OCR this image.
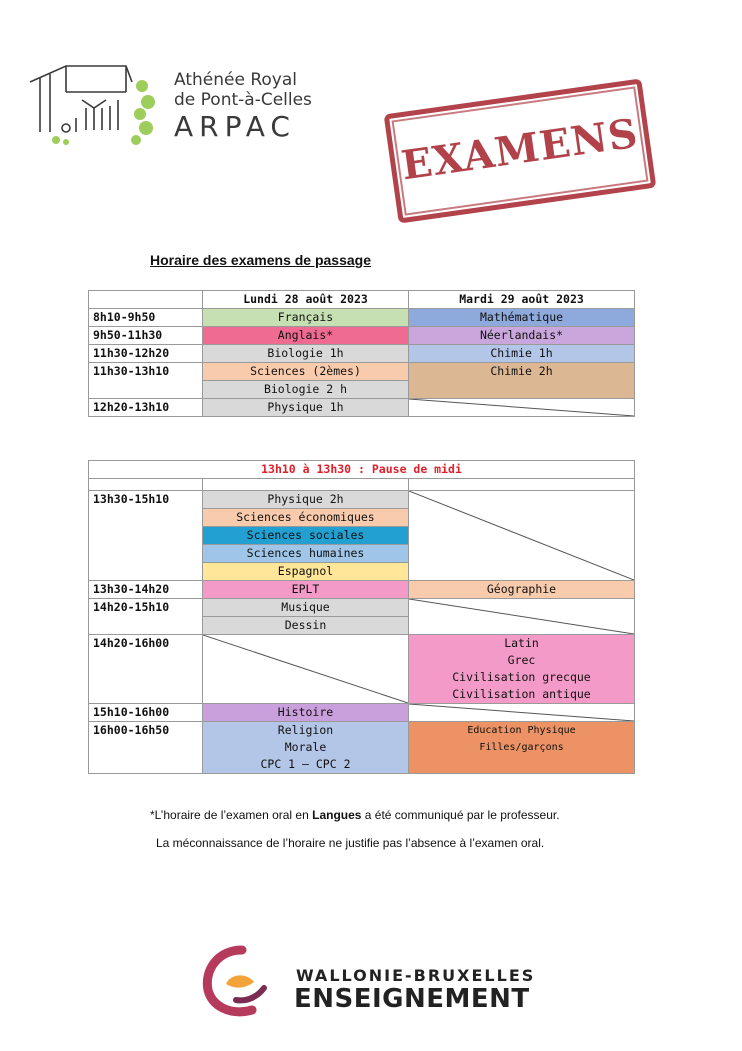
Athénée Royal
de Pont-à-Celles
ARPAC	EXAMENS
Horaire des examens de passage
	Lundi 28 août 2023	Mardi 29 août 2023
8h10-9h50	Français	Mathématique
9h50-11h30	Anglais*	Néerlandais*
11h30-12h20	Biologie 1h	Chimie 1h
11h30-13h10	Sciences (2èmes)	Chimie 2h
	Biologie 2 h	
12h20-13h10	Physique 1h	
13h10 à 13h30 : Pause de midi		

13h30-15h10	Physique 2h	

	Sciences économiques	
	Sciences sociales	
	Sciences humaines	
	Espagnol	
13h30-14h20	EPLT	Géographie
14h20-15h10	Musique	

	Dessin	
14h20-16h00		Latin
		Grec
		Civilisation grecque
		Civilisation antique
15h10-16h00	Histoire	

16h00-16h50	Religion	Education Physique
	Morale	Filles/garçons
	CPC 1 – CPC 2	
*L’horaire de l’examen oral en Langues a été communiqué par le professeur.
La méconnaissance de l’horaire ne justifie pas l’absence à l’examen oral.
WALLONIE-BRUXELLES
ENSEIGNEMENT
